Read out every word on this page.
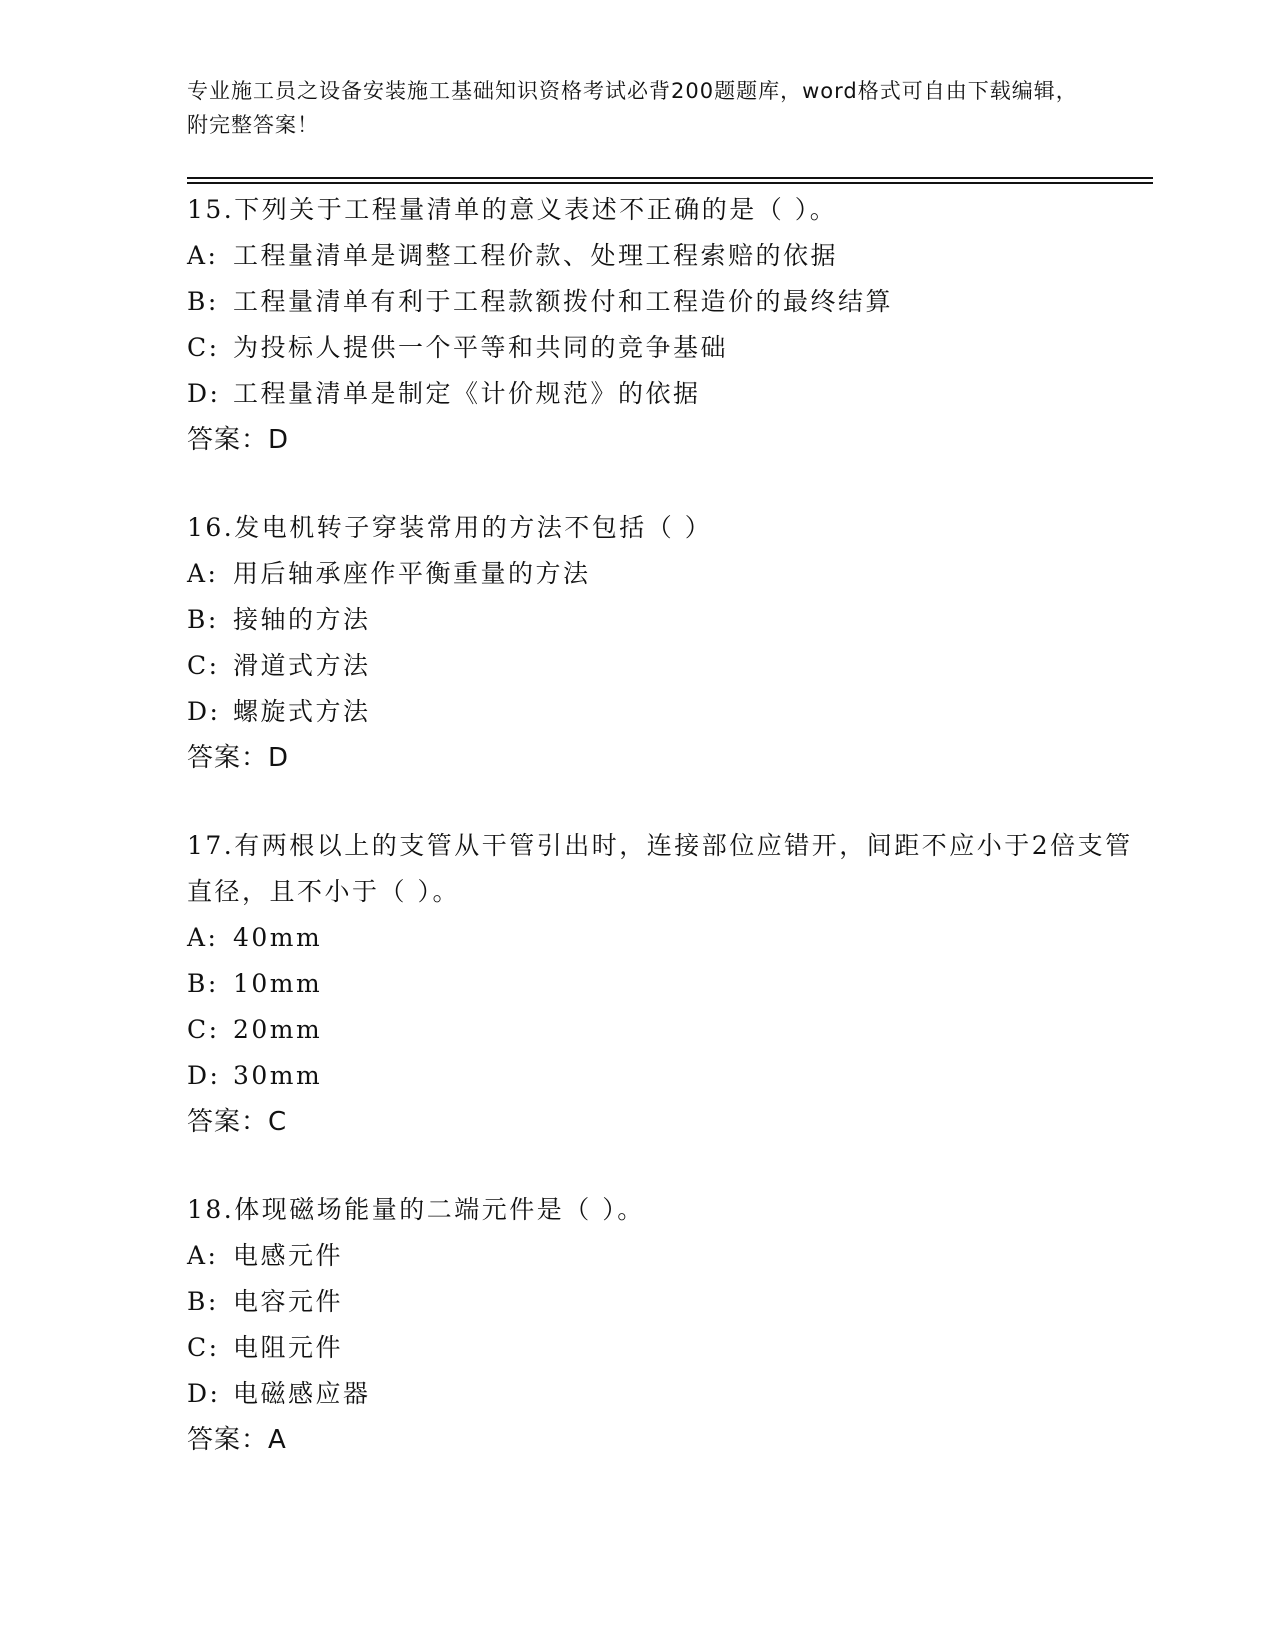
专业施工员之设备安装施工基础知识资格考试必背200题题库，word格式可自由下载编辑，附完整答案！
15.下列关于工程量清单的意义表述不正确的是（ ）。
A: 工程量清单是调整工程价款、处理工程索赔的依据
B: 工程量清单有利于工程款额拨付和工程造价的最终结算
C: 为投标人提供一个平等和共同的竞争基础
D: 工程量清单是制定《计价规范》的依据
答案：D
16.发电机转子穿装常用的方法不包括（ ）
A: 用后轴承座作平衡重量的方法
B: 接轴的方法
C: 滑道式方法
D: 螺旋式方法
答案：D
17.有两根以上的支管从干管引出时，连接部位应错开，间距不应小于2倍支管直径，且不小于（ ）。
A: 40mm
B: 10mm
C: 20mm
D: 30mm
答案：C
18.体现磁场能量的二端元件是（ ）。
A: 电感元件
B: 电容元件
C: 电阻元件
D: 电磁感应器
答案：A
